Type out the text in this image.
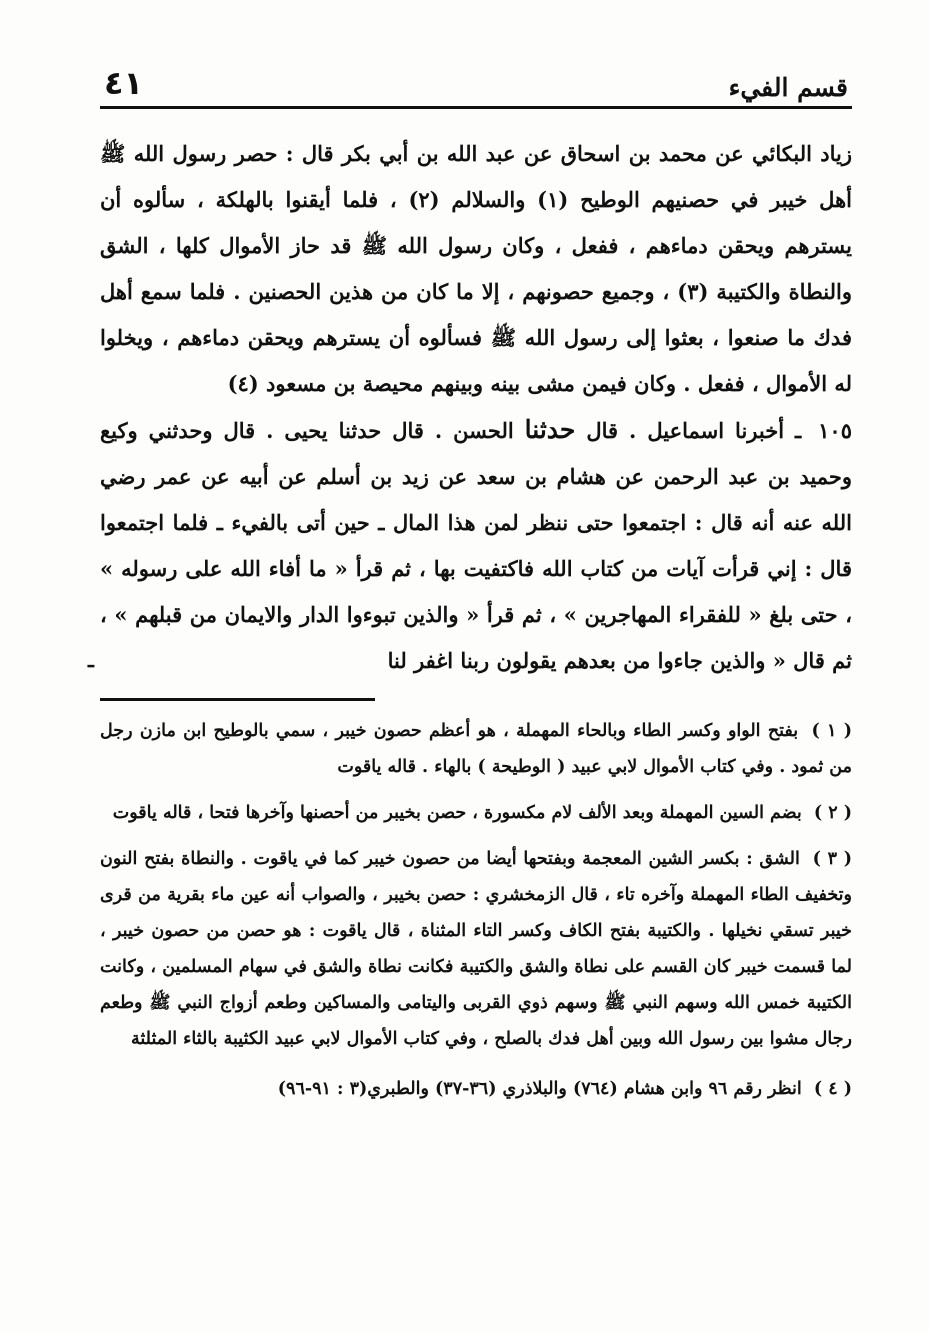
قسم الفيء
٤١

زياد البكائي عن محمد بن اسحاق عن عبد الله بن أبي بكر قال : حصر رسول الله ﷺ أهل خيبر في حصنيهم الوطيح (١) والسلالم (٢) ، فلما أيقنوا بالهلكة ، سألوه أن يسترهم ويحقن دماءهم ، ففعل ، وكان رسول الله ﷺ قد حاز الأموال كلها ، الشق والنطاة والكتيبة (٣) ، وجميع حصونهم ، إلا ما كان من هذين الحصنين . فلما سمع أهل فدك ما صنعوا ، بعثوا إلى رسول الله ﷺ فسألوه أن يسترهم ويحقن دماءهم ، ويخلوا له الأموال ، ففعل . وكان فيمن مشى بينه وبينهم محيصة بن مسعود (٤)

١٠٥ ـ أخبرنا اسماعيل . قال حدثنا الحسن . قال حدثنا يحيى . قال وحدثني وكيع وحميد بن عبد الرحمن عن هشام بن سعد عن زيد بن أسلم عن أبيه عن عمر رضي الله عنه أنه قال : اجتمعوا حتى ننظر لمن هذا المال ـ حين أتى بالفيء ـ فلما اجتمعوا قال : إني قرأت آيات من كتاب الله فاكتفيت بها ، ثم قرأ « ما أفاء الله على رسوله » ، حتى بلغ « للفقراء المهاجرين » ، ثم قرأ « والذين تبوءوا الدار والايمان من قبلهم » ، ثم قال « والذين جاءوا من بعدهم يقولون ربنا اغفر لنا

( ١ ) بفتح الواو وكسر الطاء وبالحاء المهملة ، هو أعظم حصون خيبر ، سمي بالوطيح ابن مازن رجل من ثمود . وفي كتاب الأموال لابي عبيد ( الوطيحة ) بالهاء . قاله ياقوت

( ٢ ) بضم السين المهملة وبعد الألف لام مكسورة ، حصن بخيبر من أحصنها وآخرها فتحا ، قاله ياقوت

( ٣ ) الشق : بكسر الشين المعجمة وبفتحها أيضا من حصون خيبر كما في ياقوت . والنطاة بفتح النون وتخفيف الطاء المهملة وآخره تاء ، قال الزمخشري : حصن بخيبر ، والصواب أنه عين ماء بقرية من قرى خيبر تسقي نخيلها . والكتيبة بفتح الكاف وكسر التاء المثناة ، قال ياقوت : هو حصن من حصون خيبر ، لما قسمت خيبر كان القسم على نطاة والشق والكتيبة فكانت نطاة والشق في سهام المسلمين ، وكانت الكتيبة خمس الله وسهم النبي ﷺ وسهم ذوي القربى واليتامى والمساكين وطعم أزواج النبي ﷺ وطعم رجال مشوا بين رسول الله وبين أهل فدك بالصلح ، وفي كتاب الأموال لابي عبيد الكثيبة بالثاء المثلثة

( ٤ ) انظر رقم ٩٦ وابن هشام (٧٦٤) والبلاذري (٣٦-٣٧) والطبري(٣ : ٩١-٩٦)

ـ
